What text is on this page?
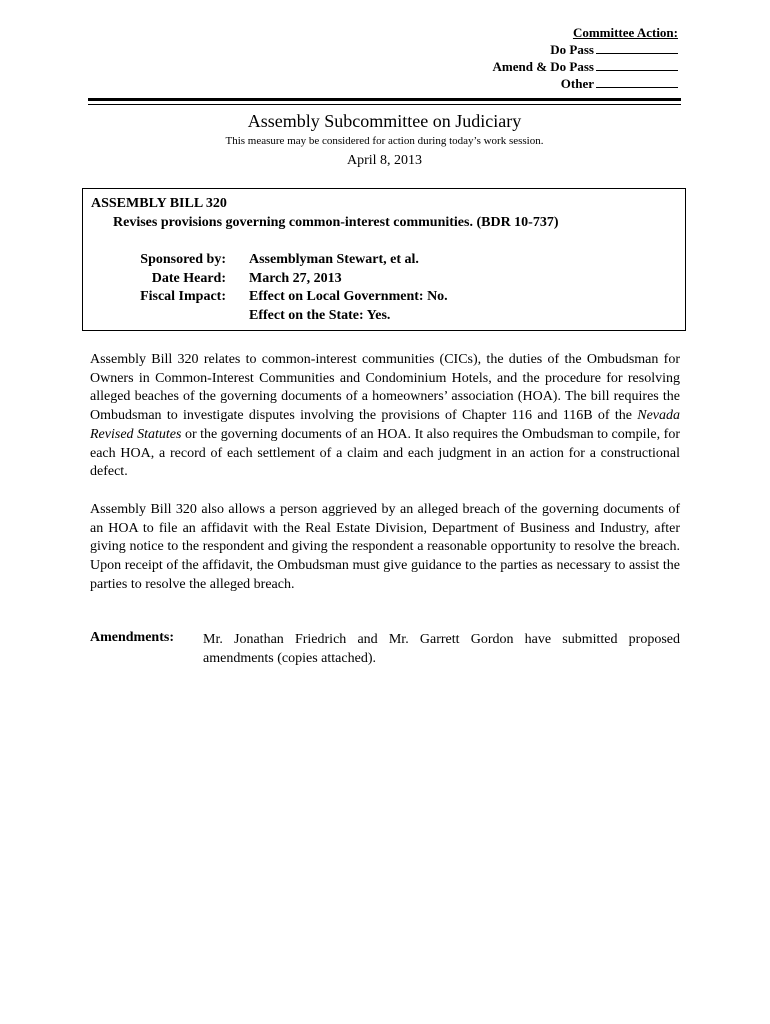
Committee Action:
Do Pass
Amend & Do Pass
Other
Assembly Subcommittee on Judiciary
This measure may be considered for action during today’s work session.
April 8, 2013
ASSEMBLY BILL 320
Revises provisions governing common-interest communities. (BDR 10-737)
Sponsored by: Assemblyman Stewart, et al.
Date Heard: March 27, 2013
Fiscal Impact: Effect on Local Government: No.
Effect on the State: Yes.

Assembly Bill 320 relates to common-interest communities (CICs), the duties of the Ombudsman for Owners in Common-Interest Communities and Condominium Hotels, and the procedure for resolving alleged beaches of the governing documents of a homeowners’ association (HOA). The bill requires the Ombudsman to investigate disputes involving the provisions of Chapter 116 and 116B of the Nevada Revised Statutes or the governing documents of an HOA. It also requires the Ombudsman to compile, for each HOA, a record of each settlement of a claim and each judgment in an action for a constructional defect.

Assembly Bill 320 also allows a person aggrieved by an alleged breach of the governing documents of an HOA to file an affidavit with the Real Estate Division, Department of Business and Industry, after giving notice to the respondent and giving the respondent a reasonable opportunity to resolve the breach. Upon receipt of the affidavit, the Ombudsman must give guidance to the parties as necessary to assist the parties to resolve the alleged breach.

Amendments: Mr. Jonathan Friedrich and Mr. Garrett Gordon have submitted proposed amendments (copies attached).
